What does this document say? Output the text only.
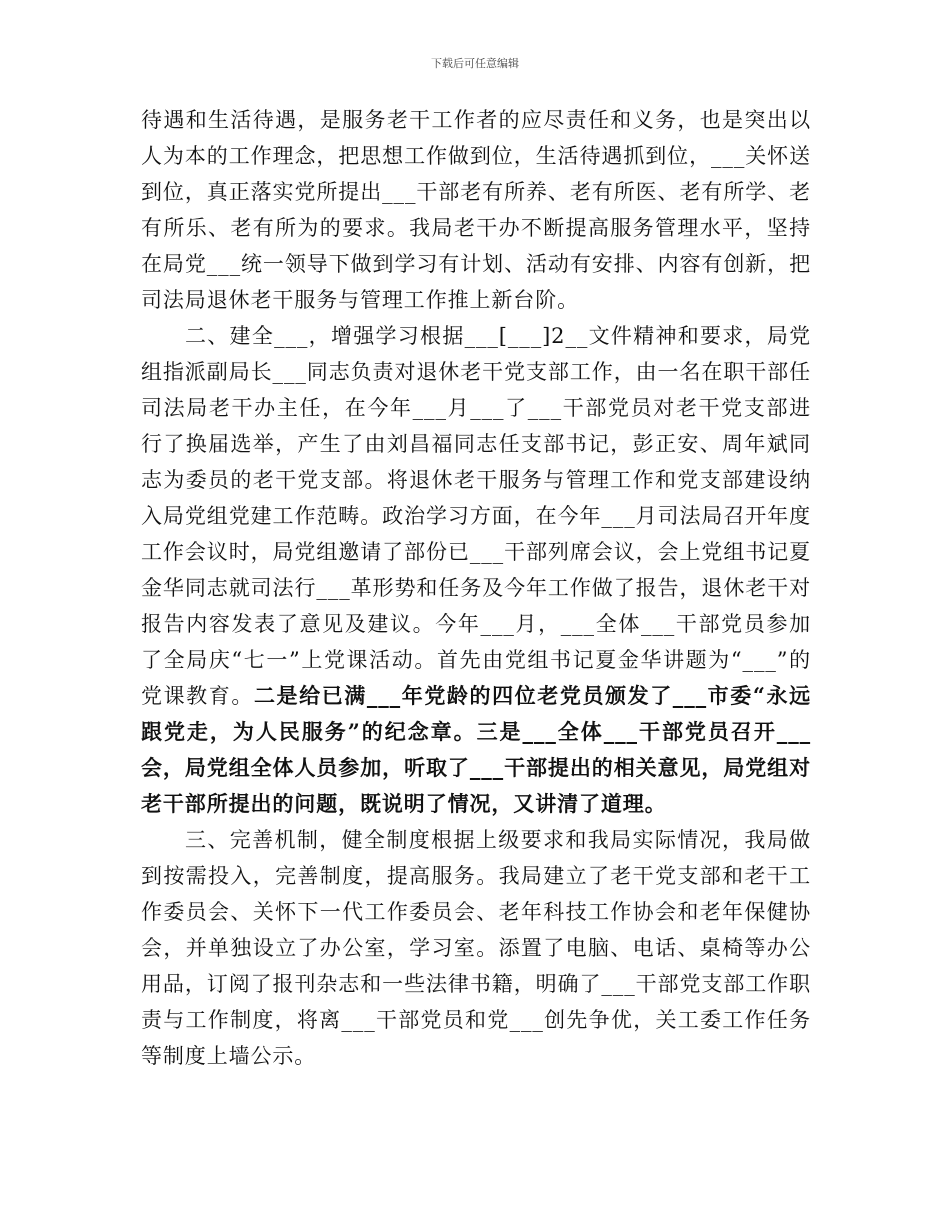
下载后可任意编辑

待遇和生活待遇，是服务老干工作者的应尽责任和义务，也是突出以人为本的工作理念，把思想工作做到位，生活待遇抓到位，___关怀送到位，真正落实党所提出___干部老有所养、老有所医、老有所学、老有所乐、老有所为的要求。我局老干办不断提高服务管理水平，坚持在局党___统一领导下做到学习有计划、活动有安排、内容有创新，把司法局退休老干服务与管理工作推上新台阶。

二、建全___，增强学习根据___[___]2__文件精神和要求，局党组指派副局长___同志负责对退休老干党支部工作，由一名在职干部任司法局老干办主任，在今年___月___了___干部党员对老干党支部进行了换届选举，产生了由刘昌福同志任支部书记，彭正安、周年斌同志为委员的老干党支部。将退休老干服务与管理工作和党支部建设纳入局党组党建工作范畴。政治学习方面，在今年___月司法局召开年度工作会议时，局党组邀请了部份已___干部列席会议，会上党组书记夏金华同志就司法行___革形势和任务及今年工作做了报告，退休老干对报告内容发表了意见及建议。今年___月，___全体___干部党员参加了全局庆“七一”上党课活动。首先由党组书记夏金华讲题为“___”的党课教育。二是给已满___年党龄的四位老党员颁发了___市委“永远跟党走，为人民服务”的纪念章。三是___全体___干部党员召开___会，局党组全体人员参加，听取了___干部提出的相关意见，局党组对老干部所提出的问题，既说明了情况，又讲清了道理。

三、完善机制，健全制度根据上级要求和我局实际情况，我局做到按需投入，完善制度，提高服务。我局建立了老干党支部和老干工作委员会、关怀下一代工作委员会、老年科技工作协会和老年保健协会，并单独设立了办公室，学习室。添置了电脑、电话、桌椅等办公用品，订阅了报刊杂志和一些法律书籍，明确了___干部党支部工作职责与工作制度，将离___干部党员和党___创先争优，关工委工作任务等制度上墙公示。
